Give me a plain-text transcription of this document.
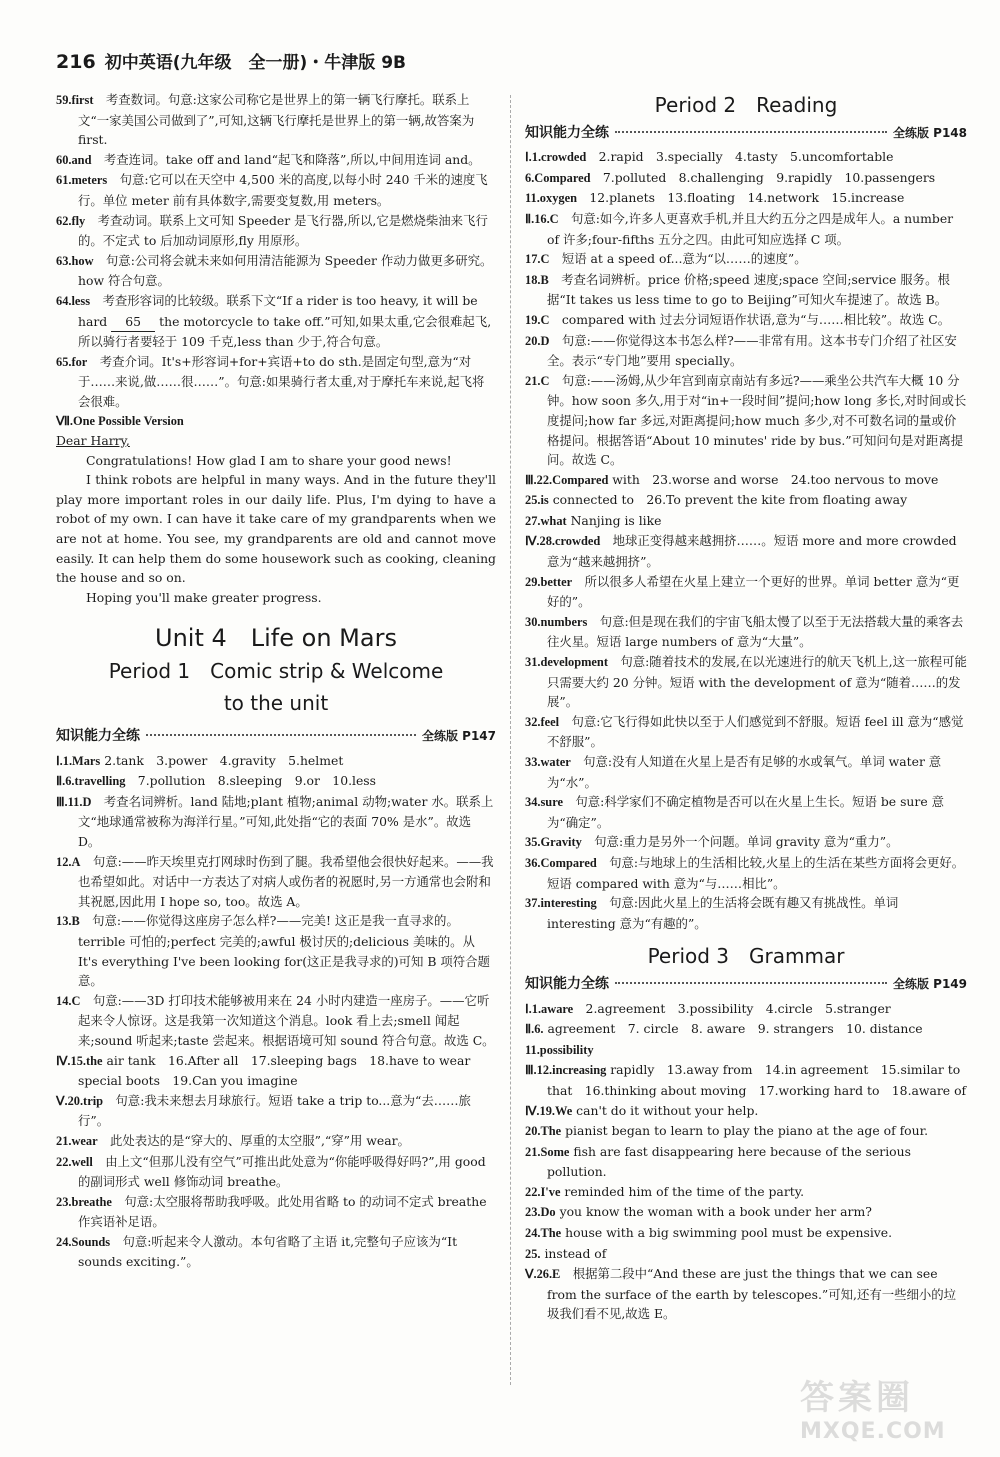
216 初中英语(九年级　全一册)・牛津版 9B

59.first　考查数词。句意:这家公司称它是世界上的第一辆飞行摩托。联系上文“一家美国公司做到了”,可知,这辆飞行摩托是世界上的第一辆,故答案为 first.

60.and　考查连词。take off and land“起飞和降落”,所以,中间用连词 and。

61.meters　句意:它可以在天空中 4,500 米的高度,以每小时 240 千米的速度飞行。单位 meter 前有具体数字,需要变复数,用 meters。

62.fly　考查动词。联系上文可知 Speeder 是飞行器,所以,它是燃烧柴油来飞行的。不定式 to 后加动词原形,fly 用原形。

63.how　句意:公司将会就未来如何用清洁能源为 Speeder 作动力做更多研究。how 符合句意。

64.less　考查形容词的比较级。联系下文“If a rider is too heavy, it will be hard 65 the motorcycle to take off.”可知,如果太重,它会很难起飞,所以骑行者要轻于 109 千克,less than 少于,符合句意。

65.for　考查介词。It's+形容词+for+宾语+to do sth.是固定句型,意为“对于……来说,做……很……”。句意:如果骑行者太重,对于摩托车来说,起飞将会很难。

Ⅶ.One Possible Version

Dear Harry,

Congratulations! How glad I am to share your good news!

I think robots are helpful in many ways. And in the future they'll play more important roles in our daily life. Plus, I'm dying to have a robot of my own. I can have it take care of my grandparents when we are not at home. You see, my grandparents are old and cannot move easily. It can help them do some housework such as cooking, cleaning the house and so on.

Hoping you'll make greater progress.

Unit 4　Life on Mars
Period 1　Comic strip & Welcome
to the unit
知识能力全练	全练版 P147

Ⅰ.1.Mars 2.tank　3.power　4.gravity　5.helmet

Ⅱ.6.travelling　7.pollution　8.sleeping　9.or　10.less

Ⅲ.11.D　考查名词辨析。land 陆地;plant 植物;animal 动物;water 水。联系上文“地球通常被称为海洋行星。”可知,此处指“它的表面 70% 是水”。故选 D。

12.A　句意:——昨天埃里克打网球时伤到了腿。我希望他会很快好起来。——我也希望如此。对话中一方表达了对病人或伤者的祝愿时,另一方通常也会附和其祝愿,因此用 I hope so, too。故选 A。

13.B　句意:——你觉得这座房子怎么样?——完美! 这正是我一直寻求的。terrible 可怕的;perfect 完美的;awful 极讨厌的;delicious 美味的。从 It's everything I've been looking for(这正是我寻求的)可知 B 项符合题意。

14.C　句意:——3D 打印技术能够被用来在 24 小时内建造一座房子。——它听起来令人惊讶。这是我第一次知道这个消息。look 看上去;smell 闻起来;sound 听起来;taste 尝起来。根据语境可知 sound 符合句意。故选 C。

Ⅳ.15.the air tank　16.After all　17.sleeping bags　18.have to wear special boots　19.Can you imagine

Ⅴ.20.trip　句意:我未来想去月球旅行。短语 take a trip to...意为“去……旅行”。

21.wear　此处表达的是“穿大的、厚重的太空服”,“穿”用 wear。

22.well　由上文“但那儿没有空气”可推出此处意为“你能呼吸得好吗?”,用 good 的副词形式 well 修饰动词 breathe。

23.breathe　句意:太空服将帮助我呼吸。此处用省略 to 的动词不定式 breathe 作宾语补足语。

24.Sounds　句意:听起来令人激动。本句省略了主语 it,完整句子应该为“It sounds exciting.”。

Period 2　Reading
知识能力全练	全练版 P148

Ⅰ.1.crowded　2.rapid　3.specially　4.tasty　5.uncomfortable

6.Compared　7.polluted　8.challenging　9.rapidly　10.passengers

11.oxygen　12.planets　13.floating　14.network　15.increase

Ⅱ.16.C　句意:如今,许多人更喜欢手机,并且大约五分之四是成年人。a number of 许多;four-fifths 五分之四。由此可知应选择 C 项。

17.C　短语 at a speed of...意为“以……的速度”。

18.B　考查名词辨析。price 价格;speed 速度;space 空间;service 服务。根据“It takes us less time to go to Beijing”可知火车提速了。故选 B。

19.C　compared with 过去分词短语作状语,意为“与……相比较”。故选 C。

20.D　句意:——你觉得这本书怎么样?——非常有用。这本书专门介绍了社区安全。表示“专门地”要用 specially。

21.C　句意:——汤姆,从少年宫到南京南站有多远?——乘坐公共汽车大概 10 分钟。how soon 多久,用于对“in+一段时间”提问;how long 多长,对时间或长度提问;how far 多远,对距离提问;how much 多少,对不可数名词的量或价格提问。根据答语“About 10 minutes' ride by bus.”可知问句是对距离提问。故选 C。

Ⅲ.22.Compared with　23.worse and worse　24.too nervous to move

25.is connected to　26.To prevent the kite from floating away

27.what Nanjing is like

Ⅳ.28.crowded　地球正变得越来越拥挤……。短语 more and more crowded 意为“越来越拥挤”。

29.better　所以很多人希望在火星上建立一个更好的世界。单词 better 意为“更好的”。

30.numbers　句意:但是现在我们的宇宙飞船太慢了以至于无法搭载大量的乘客去往火星。短语 large numbers of 意为“大量”。

31.development　句意:随着技术的发展,在以光速进行的航天飞机上,这一旅程可能只需要大约 20 分钟。短语 with the development of 意为“随着……的发展”。

32.feel　句意:它飞行得如此快以至于人们感觉到不舒服。短语 feel ill 意为“感觉不舒服”。

33.water　句意:没有人知道在火星上是否有足够的水或氧气。单词 water 意为“水”。

34.sure　句意:科学家们不确定植物是否可以在火星上生长。短语 be sure 意为“确定”。

35.Gravity　句意:重力是另外一个问题。单词 gravity 意为“重力”。

36.Compared　句意:与地球上的生活相比较,火星上的生活在某些方面将会更好。短语 compared with 意为“与……相比”。

37.interesting　句意:因此火星上的生活将会既有趣又有挑战性。单词 interesting 意为“有趣的”。

Period 3　Grammar
知识能力全练	全练版 P149

Ⅰ.1.aware　2.agreement　3.possibility　4.circle　5.stranger

Ⅱ.6. agreement　7. circle　8. aware　9. strangers　10. distance

11.possibility

Ⅲ.12.increasing rapidly　13.away from　14.in agreement　15.similar to that　16.thinking about moving　17.working hard to　18.aware of

Ⅳ.19.We can't do it without your help.

20.The pianist began to learn to play the piano at the age of four.

21.Some fish are fast disappearing here because of the serious pollution.

22.I've reminded him of the time of the party.

23.Do you know the woman with a book under her arm?

24.The house with a big swimming pool must be expensive.

25. instead of

Ⅴ.26.E　根据第二段中“And these are just the things that we can see from the surface of the earth by telescopes.”可知,还有一些细小的垃圾我们看不见,故选 E。

答案圈
MXQE.COM
